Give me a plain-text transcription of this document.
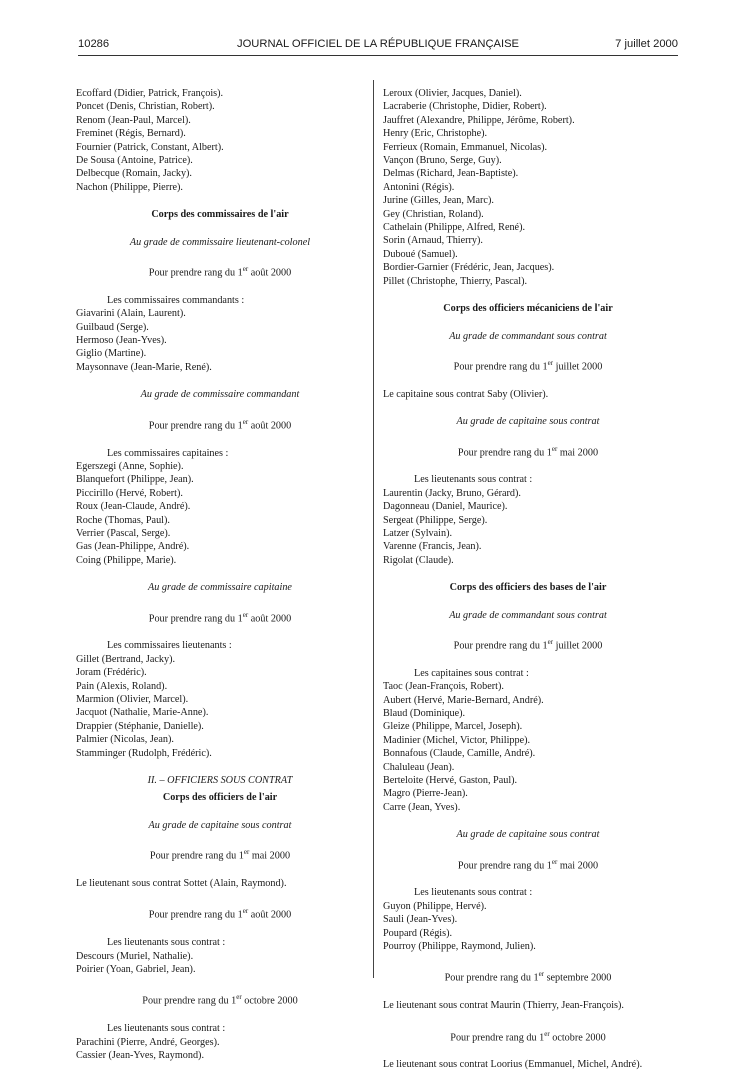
10286	JOURNAL OFFICIEL DE LA RÉPUBLIQUE FRANÇAISE	7 juillet 2000

Ecoffard (Didier, Patrick, François).

Poncet (Denis, Christian, Robert).

Renom (Jean-Paul, Marcel).

Freminet (Régis, Bernard).

Fournier (Patrick, Constant, Albert).

De Sousa (Antoine, Patrice).

Delbecque (Romain, Jacky).

Nachon (Philippe, Pierre).

Corps des commissaires de l'air

Au grade de commissaire lieutenant-colonel

Pour prendre rang du 1er août 2000

Les commissaires commandants :

Giavarini (Alain, Laurent).

Guilbaud (Serge).

Hermoso (Jean-Yves).

Giglio (Martine).

Maysonnave (Jean-Marie, René).

Au grade de commissaire commandant

Pour prendre rang du 1er août 2000

Les commissaires capitaines :

Egerszegi (Anne, Sophie).

Blanquefort (Philippe, Jean).

Piccirillo (Hervé, Robert).

Roux (Jean-Claude, André).

Roche (Thomas, Paul).

Verrier (Pascal, Serge).

Gas (Jean-Philippe, André).

Coing (Philippe, Marie).

Au grade de commissaire capitaine

Pour prendre rang du 1er août 2000

Les commissaires lieutenants :

Gillet (Bertrand, Jacky).

Joram (Frédéric).

Pain (Alexis, Roland).

Marmion (Olivier, Marcel).

Jacquot (Nathalie, Marie-Anne).

Drappier (Stéphanie, Danielle).

Palmier (Nicolas, Jean).

Stamminger (Rudolph, Frédéric).

II. – OFFICIERS SOUS CONTRAT

Corps des officiers de l'air

Au grade de capitaine sous contrat

Pour prendre rang du 1er mai 2000

Le lieutenant sous contrat Sottet (Alain, Raymond).

Pour prendre rang du 1er août 2000

Les lieutenants sous contrat :

Descours (Muriel, Nathalie).

Poirier (Yoan, Gabriel, Jean).

Pour prendre rang du 1er octobre 2000

Les lieutenants sous contrat :

Parachini (Pierre, André, Georges).

Cassier (Jean-Yves, Raymond).

Leroux (Olivier, Jacques, Daniel).

Lacraberie (Christophe, Didier, Robert).

Jauffret (Alexandre, Philippe, Jérôme, Robert).

Henry (Eric, Christophe).

Ferrieux (Romain, Emmanuel, Nicolas).

Vançon (Bruno, Serge, Guy).

Delmas (Richard, Jean-Baptiste).

Antonini (Régis).

Jurine (Gilles, Jean, Marc).

Gey (Christian, Roland).

Cathelain (Philippe, Alfred, René).

Sorin (Arnaud, Thierry).

Duboué (Samuel).

Bordier-Garnier (Frédéric, Jean, Jacques).

Pillet (Christophe, Thierry, Pascal).

Corps des officiers mécaniciens de l'air

Au grade de commandant sous contrat

Pour prendre rang du 1er juillet 2000

Le capitaine sous contrat Saby (Olivier).

Au grade de capitaine sous contrat

Pour prendre rang du 1er mai 2000

Les lieutenants sous contrat :

Laurentin (Jacky, Bruno, Gérard).

Dagonneau (Daniel, Maurice).

Sergeat (Philippe, Serge).

Latzer (Sylvain).

Varenne (Francis, Jean).

Rigolat (Claude).

Corps des officiers des bases de l'air

Au grade de commandant sous contrat

Pour prendre rang du 1er juillet 2000

Les capitaines sous contrat :

Taoc (Jean-François, Robert).

Aubert (Hervé, Marie-Bernard, André).

Blaud (Dominique).

Gleize (Philippe, Marcel, Joseph).

Madinier (Michel, Victor, Philippe).

Bonnafous (Claude, Camille, André).

Chaluleau (Jean).

Berteloite (Hervé, Gaston, Paul).

Magro (Pierre-Jean).

Carre (Jean, Yves).

Au grade de capitaine sous contrat

Pour prendre rang du 1er mai 2000

Les lieutenants sous contrat :

Guyon (Philippe, Hervé).

Sauli (Jean-Yves).

Poupard (Régis).

Pourroy (Philippe, Raymond, Julien).

Pour prendre rang du 1er septembre 2000

Le lieutenant sous contrat Maurin (Thierry, Jean-François).

Pour prendre rang du 1er octobre 2000

Le lieutenant sous contrat Loorius (Emmanuel, Michel, André).
